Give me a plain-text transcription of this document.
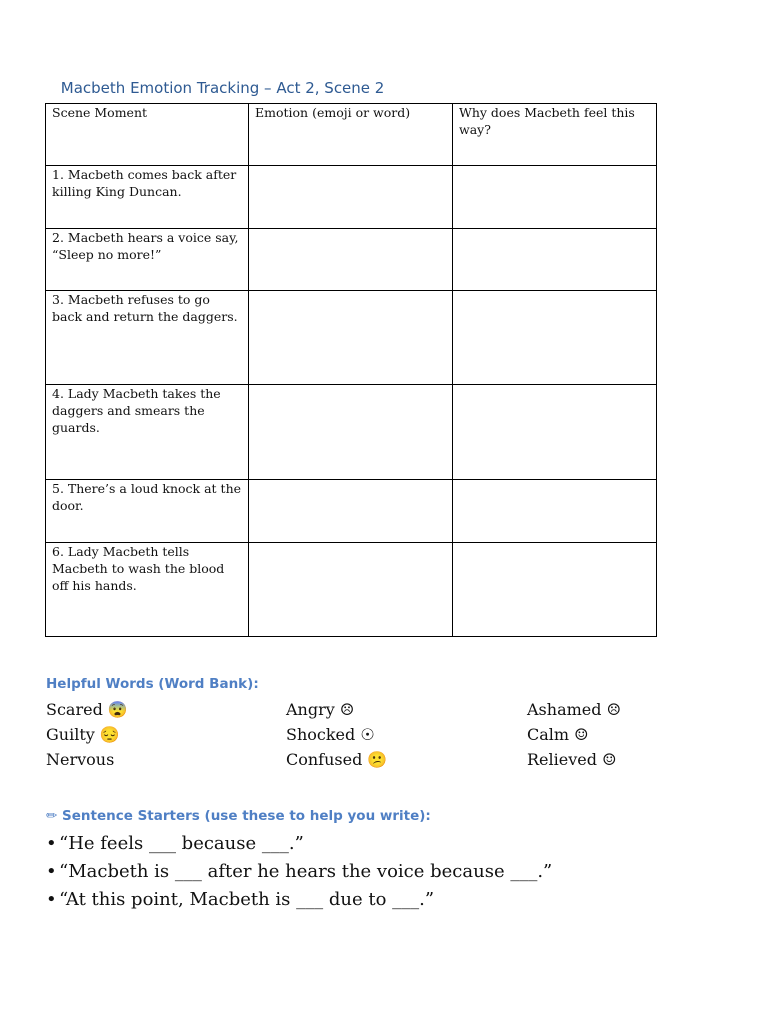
Macbeth Emotion Tracking – Act 2, Scene 2
Scene Moment	Emotion (emoji or word)	Why does Macbeth feel this way?
1. Macbeth comes back after killing King Duncan.		
2. Macbeth hears a voice say, “Sleep no more!”		
3. Macbeth refuses to go back and return the daggers.		
4. Lady Macbeth takes the daggers and smears the guards.		
5. There’s a loud knock at the door.		
6. Lady Macbeth tells Macbeth to wash the blood off his hands.		
Helpful Words (Word Bank):
Scared 😨	Angry ☹	Ashamed ☹
Guilty 😔	Shocked ☉	Calm ☺
Nervous	Confused 😕	Relieved ☺
✏ Sentence Starters (use these to help you write):
• “He feels ___ because ___.”
• “Macbeth is ___ after he hears the voice because ___.”
• “At this point, Macbeth is ___ due to ___.”
